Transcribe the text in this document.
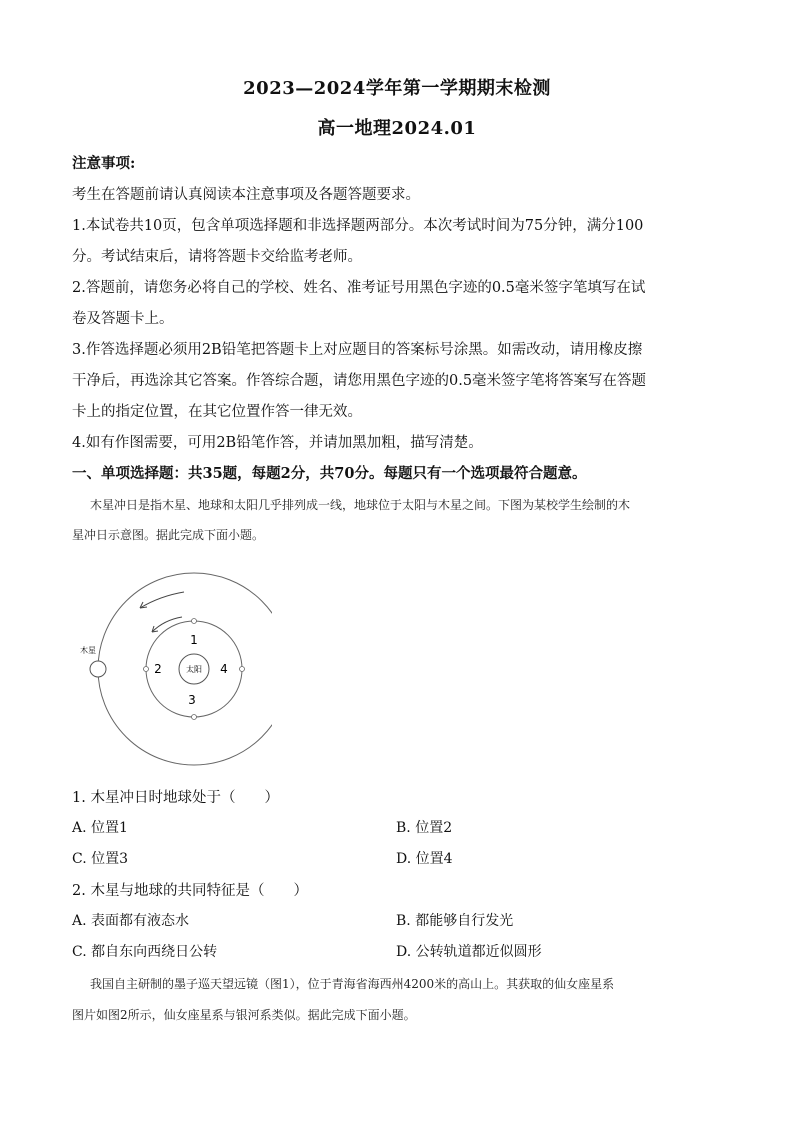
2023—2024学年第一学期期末检测
高一地理2024.01
注意事项:
考生在答题前请认真阅读本注意事项及各题答题要求。
1.本试卷共10页，包含单项选择题和非选择题两部分。本次考试时间为75分钟，满分100
分。考试结束后，请将答题卡交给监考老师。
2.答题前，请您务必将自己的学校、姓名、准考证号用黑色字迹的0.5毫米签字笔填写在试
卷及答题卡上。
3.作答选择题必须用2B铅笔把答题卡上对应题目的答案标号涂黑。如需改动，请用橡皮擦
干净后，再选涂其它答案。作答综合题，请您用黑色字迹的0.5毫米签字笔将答案写在答题
卡上的指定位置，在其它位置作答一律无效。
4.如有作图需要，可用2B铅笔作答，并请加黑加粗，描写清楚。
一、单项选择题：共35题，每题2分，共70分。每题只有一个选项最符合题意。
木星冲日是指木星、地球和太阳几乎排列成一线，地球位于太阳与木星之间。下图为某校学生绘制的木
星冲日示意图。据此完成下面小题。
太阳
1
2
3
4
木星
1. 木星冲日时地球处于（　　）
A. 位置1	B. 位置2
C. 位置3	D. 位置4
2. 木星与地球的共同特征是（　　）
A. 表面都有液态水	B. 都能够自行发光
C. 都自东向西绕日公转	D. 公转轨道都近似圆形
我国自主研制的墨子巡天望远镜（图1），位于青海省海西州4200米的高山上。其获取的仙女座星系
图片如图2所示，仙女座星系与银河系类似。据此完成下面小题。
